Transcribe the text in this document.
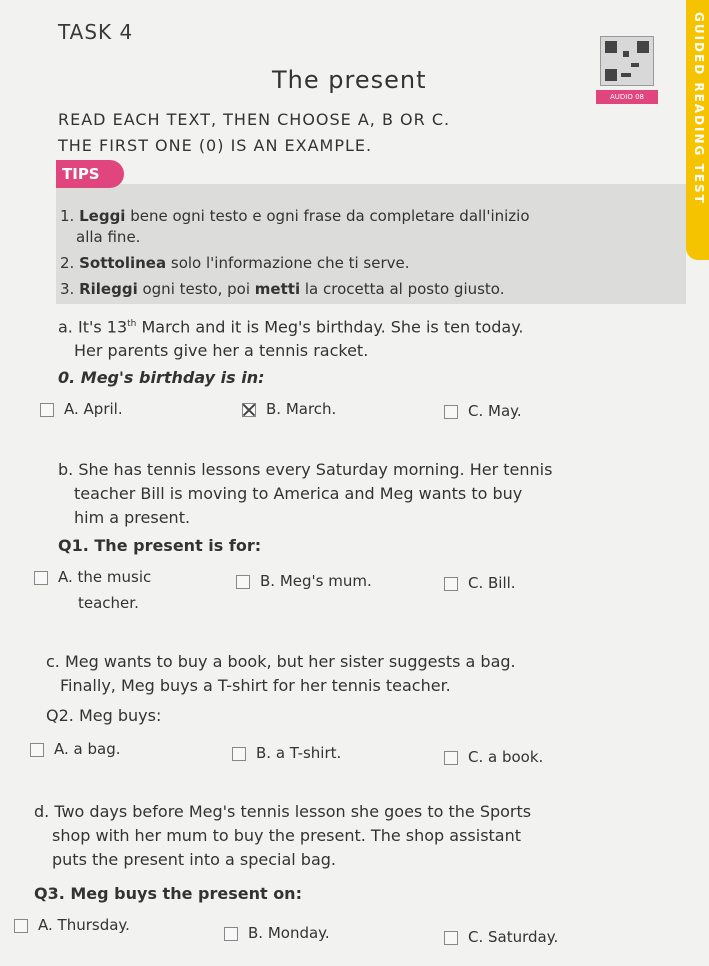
TASK 4
The present
AUDIO 08	GUIDED READING TEST
READ EACH TEXT, THEN CHOOSE A, B OR C.
THE FIRST ONE (0) IS AN EXAMPLE.
TIPS
1. Leggi bene ogni testo e ogni frase da completare dall'inizio
alla fine.
2. Sottolinea solo l'informazione che ti serve.
3. Rileggi ogni testo, poi metti la crocetta al posto giusto.
a. It's 13th March and it is Meg's birthday. She is ten today.
Her parents give her a tennis racket.
0. Meg's birthday is in:
A. April.	B. March.	C. May.
b. She has tennis lessons every Saturday morning. Her tennis
teacher Bill is moving to America and Meg wants to buy
him a present.
Q1. The present is for:
A. the music
teacher.
B. Meg's mum.	C. Bill.
c. Meg wants to buy a book, but her sister suggests a bag.
Finally, Meg buys a T-shirt for her tennis teacher.
Q2. Meg buys:
A. a bag.	B. a T-shirt.	C. a book.
d. Two days before Meg's tennis lesson she goes to the Sports
shop with her mum to buy the present. The shop assistant
puts the present into a special bag.
Q3. Meg buys the present on:
A. Thursday.	B. Monday.	C. Saturday.
